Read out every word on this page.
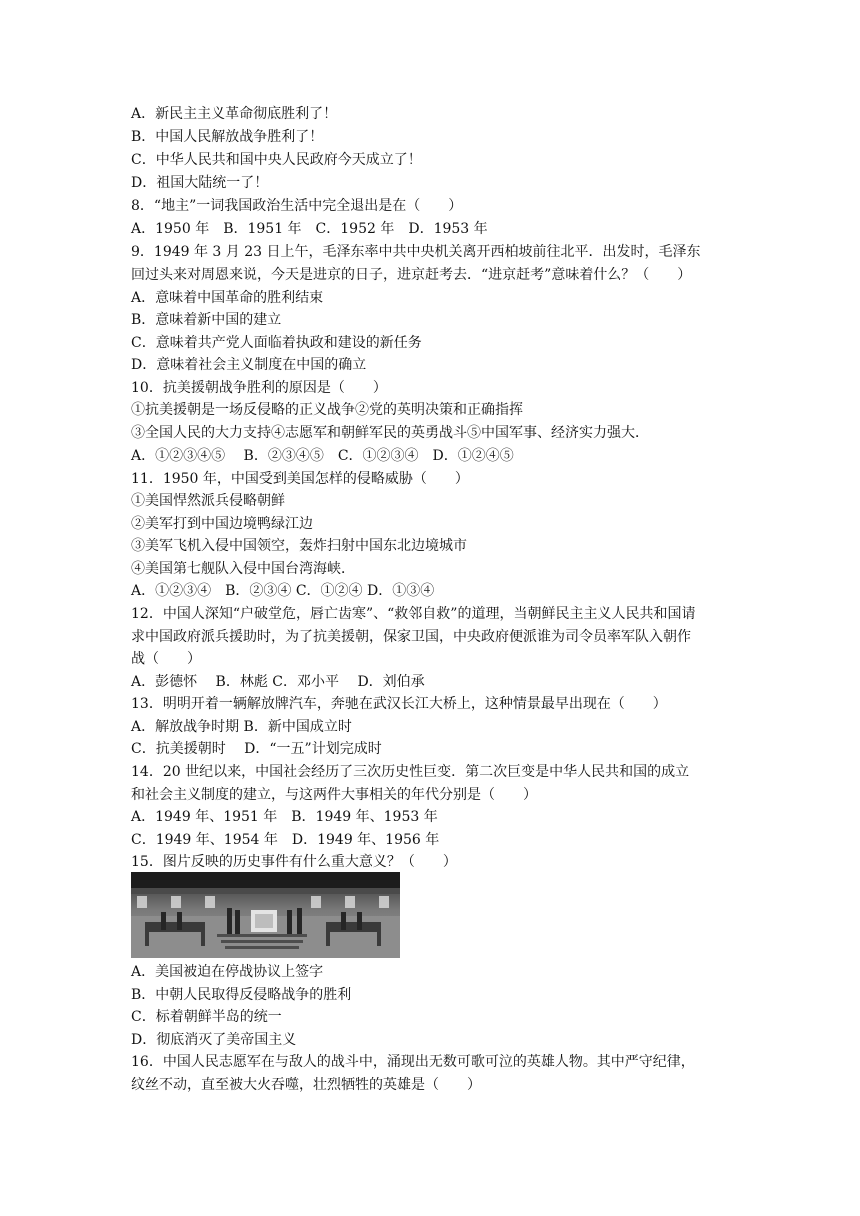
A．新民主主义革命彻底胜利了！
B．中国人民解放战争胜利了！
C．中华人民共和国中央人民政府今天成立了！
D．祖国大陆统一了！
8．“地主”一词我国政治生活中完全退出是在（　　）
A．1950 年　B．1951 年　C．1952 年　D．1953 年
9．1949 年 3 月 23 日上午，毛泽东率中共中央机关离开西柏坡前往北平．出发时，毛泽东
回过头来对周恩来说，今天是进京的日子，进京赶考去．“进京赶考”意味着什么？（　　）
A．意味着中国革命的胜利结束
B．意味着新中国的建立
C．意味着共产党人面临着执政和建设的新任务
D．意味着社会主义制度在中国的确立
10．抗美援朝战争胜利的原因是（　　）
①抗美援朝是一场反侵略的正义战争②党的英明决策和正确指挥
③全国人民的大力支持④志愿军和朝鲜军民的英勇战斗⑤中国军事、经济实力强大．
A．①②③④⑤　 B．②③④⑤　C．①②③④　D．①②④⑤
11．1950 年，中国受到美国怎样的侵略威胁（　　）
①美国悍然派兵侵略朝鲜
②美军打到中国边境鸭绿江边
③美军飞机入侵中国领空，轰炸扫射中国东北边境城市
④美国第七舰队入侵中国台湾海峡．
A．①②③④　B．②③④ C．①②④ D．①③④
12．中国人深知“户破堂危，唇亡齿寒”、“救邻自救”的道理，当朝鲜民主主义人民共和国请
求中国政府派兵援助时，为了抗美援朝，保家卫国，中央政府便派谁为司令员率军队入朝作
战（　　）
A．彭德怀　 B．林彪 C．邓小平　 D．刘伯承
13．明明开着一辆解放牌汽车，奔驰在武汉长江大桥上，这种情景最早出现在（　　）
A．解放战争时期 B．新中国成立时
C．抗美援朝时　 D．“一五”计划完成时
14．20 世纪以来，中国社会经历了三次历史性巨变．第二次巨变是中华人民共和国的成立
和社会主义制度的建立，与这两件大事相关的年代分别是（　　）
A．1949 年、1951 年　B．1949 年、1953 年
C．1949 年、1954 年　D．1949 年、1956 年
15．图片反映的历史事件有什么重大意义？（　　）
A．美国被迫在停战协议上签字
B．中朝人民取得反侵略战争的胜利
C．标着朝鲜半岛的统一
D．彻底消灭了美帝国主义
16．中国人民志愿军在与敌人的战斗中，涌现出无数可歌可泣的英雄人物。其中严守纪律，
纹丝不动，直至被大火吞噬，壮烈牺牲的英雄是（　　）
